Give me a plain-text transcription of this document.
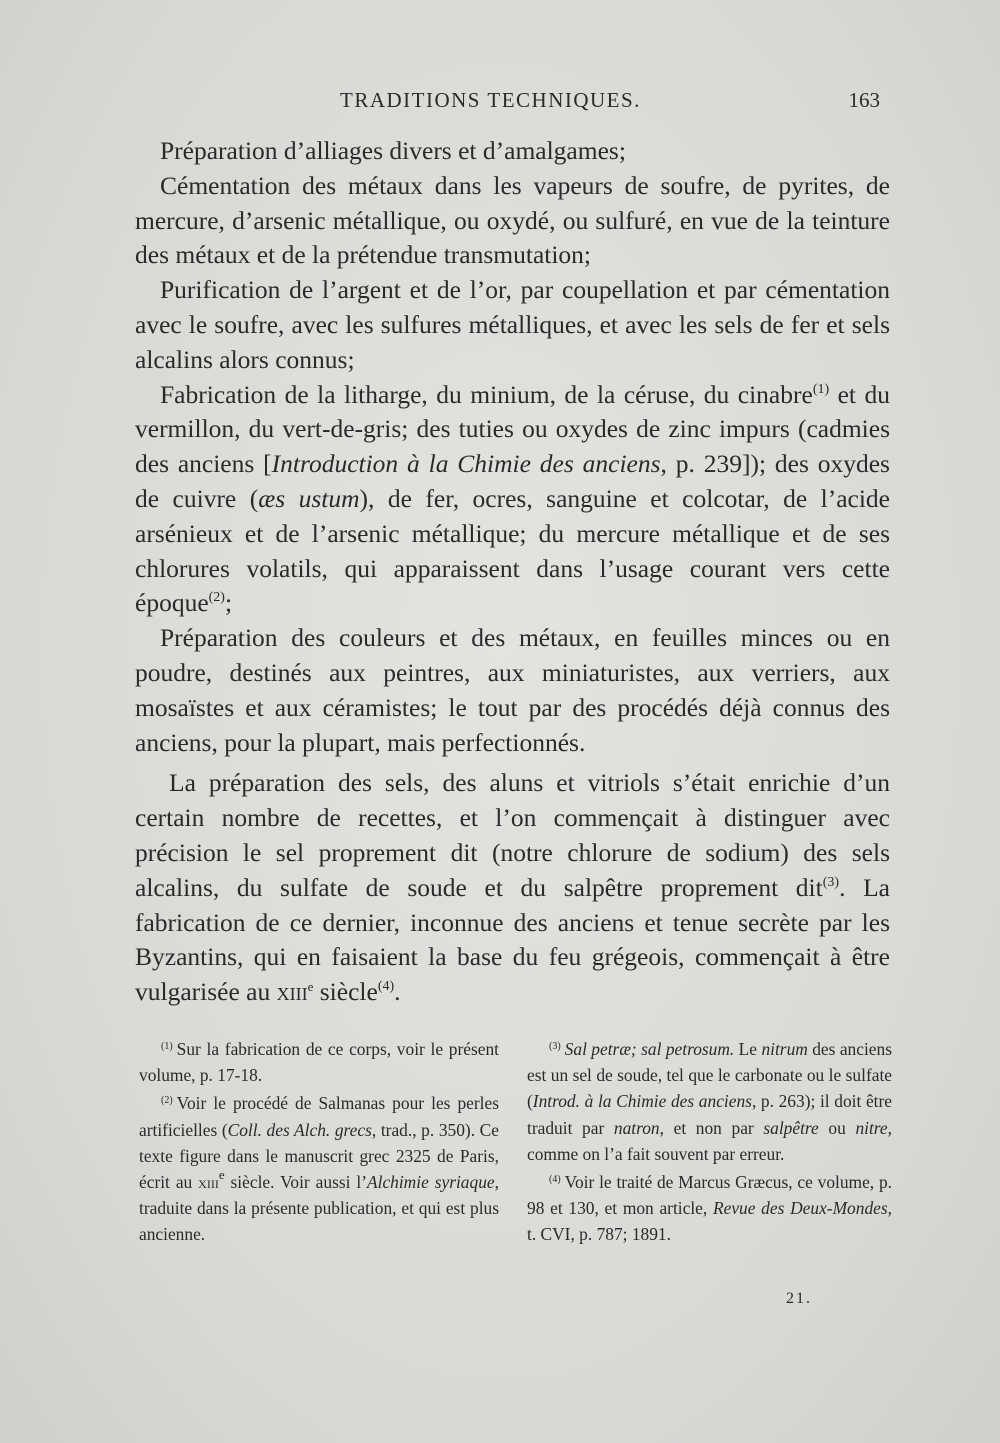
TRADITIONS TECHNIQUES.	163

Préparation d’alliages divers et d’amalgames;

Cémentation des métaux dans les vapeurs de soufre, de pyrites, de mercure, d’arsenic métallique, ou oxydé, ou sulfuré, en vue de la teinture des métaux et de la prétendue transmutation;

Purification de l’argent et de l’or, par coupellation et par cémentation avec le soufre, avec les sulfures métalliques, et avec les sels de fer et sels alcalins alors connus;

Fabrication de la litharge, du minium, de la céruse, du cinabre$^{(1)}$ et du vermillon, du vert-de-gris; des tuties ou oxydes de zinc impurs (cadmies des anciens [Introduction à la Chimie des anciens, p. 239]); des oxydes de cuivre (æs ustum), de fer, ocres, sanguine et colcotar, de l’acide arsénieux et de l’arsenic métallique; du mercure métallique et de ses chlorures volatils, qui apparaissent dans l’usage courant vers cette époque$^{(2)}$;

Préparation des couleurs et des métaux, en feuilles minces ou en poudre, destinés aux peintres, aux miniaturistes, aux verriers, aux mosaïstes et aux céramistes; le tout par des procédés déjà connus des anciens, pour la plupart, mais perfectionnés.

La préparation des sels, des aluns et vitriols s’était enrichie d’un certain nombre de recettes, et l’on commençait à distinguer avec précision le sel proprement dit (notre chlorure de sodium) des sels alcalins, du sulfate de soude et du salpêtre proprement dit$^{(3)}$. La fabrication de ce dernier, inconnue des anciens et tenue secrète par les Byzantins, qui en faisaient la base du feu grégeois, commençait à être vulgarisée au xiii$^e$ siècle$^{(4)}$.

$^{(1)}$ Sur la fabrication de ce corps, voir le présent volume, p. 17-18.

$^{(2)}$ Voir le procédé de Salmanas pour les perles artificielles (Coll. des Alch. grecs, trad., p. 350). Ce texte figure dans le manuscrit grec 2325 de Paris, écrit au xiii$^e$ siècle. Voir aussi l’Alchimie syriaque, traduite dans la présente publication, et qui est plus ancienne.

$^{(3)}$ Sal petræ; sal petrosum. Le nitrum des anciens est un sel de soude, tel que le carbonate ou le sulfate (Introd. à la Chimie des anciens, p. 263); il doit être traduit par natron, et non par salpêtre ou nitre, comme on l’a fait souvent par erreur.

$^{(4)}$ Voir le traité de Marcus Græcus, ce volume, p. 98 et 130, et mon article, Revue des Deux-Mondes, t. CVI, p. 787; 1891.

21.
